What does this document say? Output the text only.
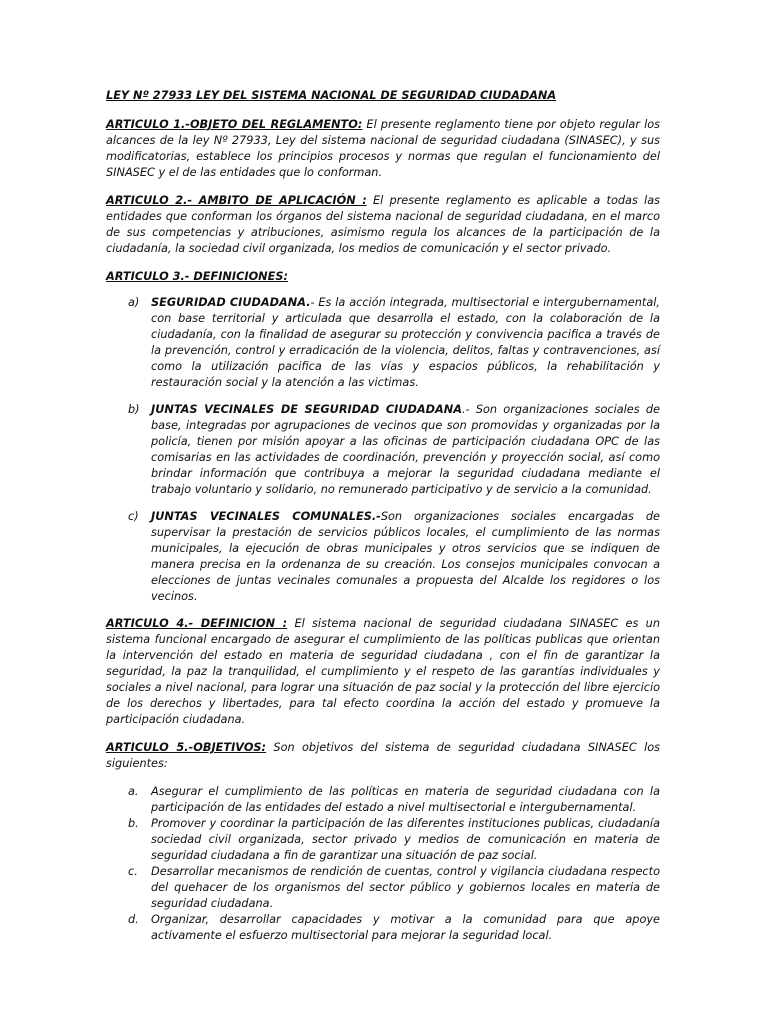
LEY Nº 27933 LEY DEL SISTEMA NACIONAL DE SEGURIDAD CIUDADANA

ARTICULO 1.-OBJETO DEL REGLAMENTO: El presente reglamento tiene por objeto regular los alcances de la ley Nº 27933, Ley del sistema nacional de seguridad ciudadana (SINASEC), y sus modificatorias, establece los principios procesos y normas que regulan el funcionamiento del SINASEC y el de las entidades que lo conforman.

ARTICULO 2.- AMBITO DE APLICACIÓN : El presente reglamento es aplicable a todas las entidades que conforman los órganos del sistema nacional de seguridad ciudadana, en el marco de sus competencias y atribuciones, asimismo regula los alcances de la participación de la ciudadanía, la sociedad civil organizada, los medios de comunicación y el sector privado.

ARTICULO 3.- DEFINICIONES:
a) SEGURIDAD CIUDADANA.- Es la acción integrada, multisectorial e intergubernamental, con base territorial y articulada que desarrolla el estado, con la colaboración de la ciudadanía, con la finalidad de asegurar su protección y convivencia pacifica a través de la prevención, control y erradicación de la violencia, delitos, faltas y contravenciones, así como la utilización pacifica de las vías y espacios públicos, la rehabilitación y restauración social y la atención a las victimas.
b) JUNTAS VECINALES DE SEGURIDAD CIUDADANA.- Son organizaciones sociales de base, integradas por agrupaciones de vecinos que son promovidas y organizadas por la policía, tienen por misión apoyar a las oficinas de participación ciudadana OPC de las comisarias en las actividades de coordinación, prevención y proyección social, así como brindar información que contribuya a mejorar la seguridad ciudadana mediante el trabajo voluntario y solidario, no remunerado participativo y de servicio a la comunidad.
c) JUNTAS VECINALES COMUNALES.-Son organizaciones sociales encargadas de supervisar la prestación de servicios públicos locales, el cumplimiento de las normas municipales, la ejecución de obras municipales y otros servicios que se indiquen de manera precisa en la ordenanza de su creación. Los consejos municipales convocan a elecciones de juntas vecinales comunales a propuesta del Alcalde los regidores o los vecinos.

ARTICULO 4.- DEFINICION : El sistema nacional de seguridad ciudadana SINASEC es un sistema funcional encargado de asegurar el cumplimiento de las políticas publicas que orientan la intervención del estado en materia de seguridad ciudadana , con el fin de garantizar la seguridad, la paz la tranquilidad, el cumplimiento y el respeto de las garantías individuales y sociales a nivel nacional, para lograr una situación de paz social y la protección del libre ejercicio de los derechos y libertades, para tal efecto coordina la acción del estado y promueve la participación ciudadana.

ARTICULO 5.-OBJETIVOS: Son objetivos del sistema de seguridad ciudadana SINASEC los siguientes:

a. Asegurar el cumplimiento de las políticas en materia de seguridad ciudadana con la participación de las entidades del estado a nivel multisectorial e intergubernamental.
b. Promover y coordinar la participación de las diferentes instituciones publicas, ciudadanía sociedad civil organizada, sector privado y medios de comunicación en materia de seguridad ciudadana a fin de garantizar una situación de paz social.
c. Desarrollar mecanismos de rendición de cuentas, control y vigilancia ciudadana respecto del quehacer de los organismos del sector público y gobiernos locales en materia de seguridad ciudadana.
d. Organizar, desarrollar capacidades y motivar a la comunidad para que apoye activamente el esfuerzo multisectorial para mejorar la seguridad local.
